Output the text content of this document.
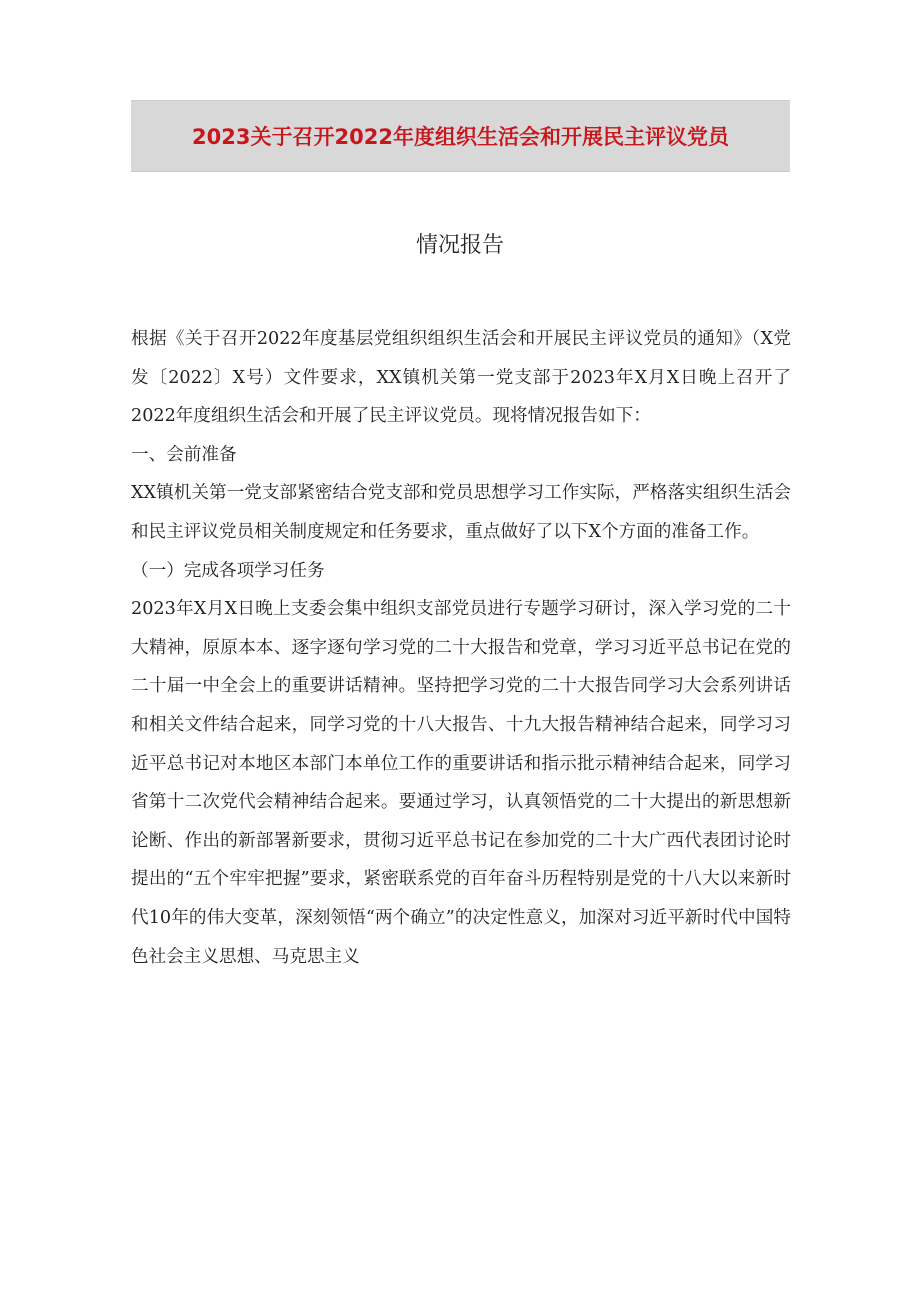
2023关于召开2022年度组织生活会和开展民主评议党员
情况报告

根据《关于召开2022年度基层党组织组织生活会和开展民主评议党员的通知》（X党发〔2022〕X号）文件要求，XX镇机关第一党支部于2023年X月X日晚上召开了2022年度组织生活会和开展了民主评议党员。现将情况报告如下：

一、会前准备

XX镇机关第一党支部紧密结合党支部和党员思想学习工作实际，严格落实组织生活会和民主评议党员相关制度规定和任务要求，重点做好了以下X个方面的准备工作。

（一）完成各项学习任务

2023年X月X日晚上支委会集中组织支部党员进行专题学习研讨，深入学习党的二十大精神，原原本本、逐字逐句学习党的二十大报告和党章，学习习近平总书记在党的二十届一中全会上的重要讲话精神。坚持把学习党的二十大报告同学习大会系列讲话和相关文件结合起来，同学习党的十八大报告、十九大报告精神结合起来，同学习习近平总书记对本地区本部门本单位工作的重要讲话和指示批示精神结合起来，同学习省第十二次党代会精神结合起来。要通过学习，认真领悟党的二十大提出的新思想新论断、作出的新部署新要求，贯彻习近平总书记在参加党的二十大广西代表团讨论时提出的“五个牢牢把握”要求，紧密联系党的百年奋斗历程特别是党的十八大以来新时代10年的伟大变革，深刻领悟“两个确立”的决定性意义，加深对习近平新时代中国特色社会主义思想、马克思主义
